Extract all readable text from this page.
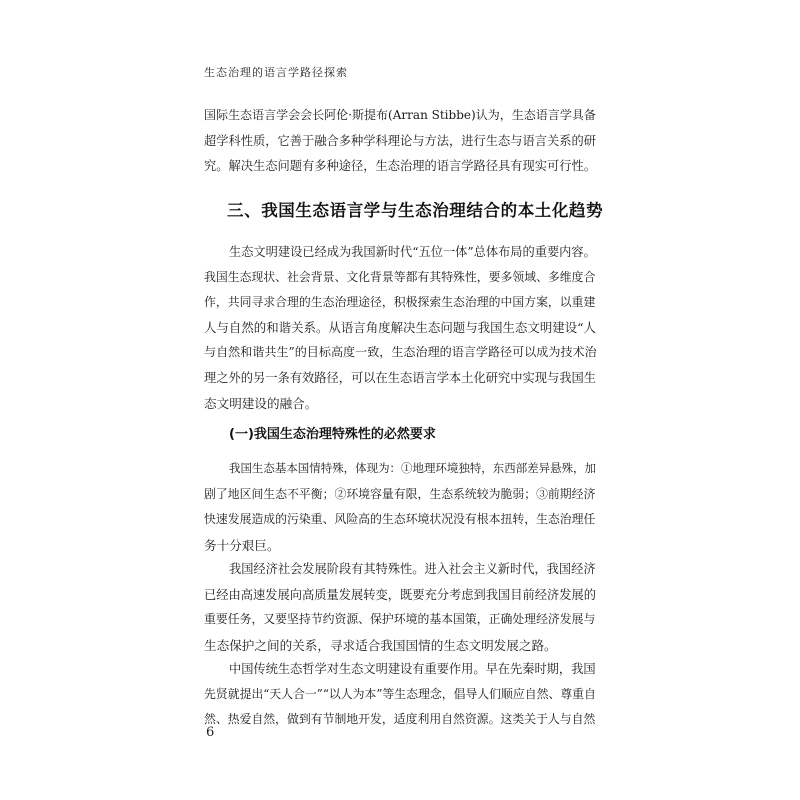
生态治理的语言学路径探索
国际生态语言学会会长阿伦·斯提布(Arran Stibbe)认为，生态语言学具备
超学科性质，它善于融合多种学科理论与方法，进行生态与语言关系的研
究。解决生态问题有多种途径，生态治理的语言学路径具有现实可行性。
三、我国生态语言学与生态治理结合的本土化趋势
生态文明建设已经成为我国新时代“五位一体”总体布局的重要内容。
我国生态现状、社会背景、文化背景等都有其特殊性，要多领域、多维度合
作，共同寻求合理的生态治理途径，积极探索生态治理的中国方案，以重建
人与自然的和谐关系。从语言角度解决生态问题与我国生态文明建设“人
与自然和谐共生”的目标高度一致，生态治理的语言学路径可以成为技术治
理之外的另一条有效路径，可以在生态语言学本土化研究中实现与我国生
态文明建设的融合。
(一)我国生态治理特殊性的必然要求
我国生态基本国情特殊，体现为：①地理环境独特，东西部差异悬殊，加
剧了地区间生态不平衡；②环境容量有限，生态系统较为脆弱；③前期经济
快速发展造成的污染重、风险高的生态环境状况没有根本扭转，生态治理任
务十分艰巨。
我国经济社会发展阶段有其特殊性。进入社会主义新时代，我国经济
已经由高速发展向高质量发展转变，既要充分考虑到我国目前经济发展的
重要任务，又要坚持节约资源、保护环境的基本国策，正确处理经济发展与
生态保护之间的关系，寻求适合我国国情的生态文明发展之路。
中国传统生态哲学对生态文明建设有重要作用。早在先秦时期，我国
先贤就提出“天人合一”“以人为本”等生态理念，倡导人们顺应自然、尊重自
然、热爱自然，做到有节制地开发，适度利用自然资源。这类关于人与自然
6
